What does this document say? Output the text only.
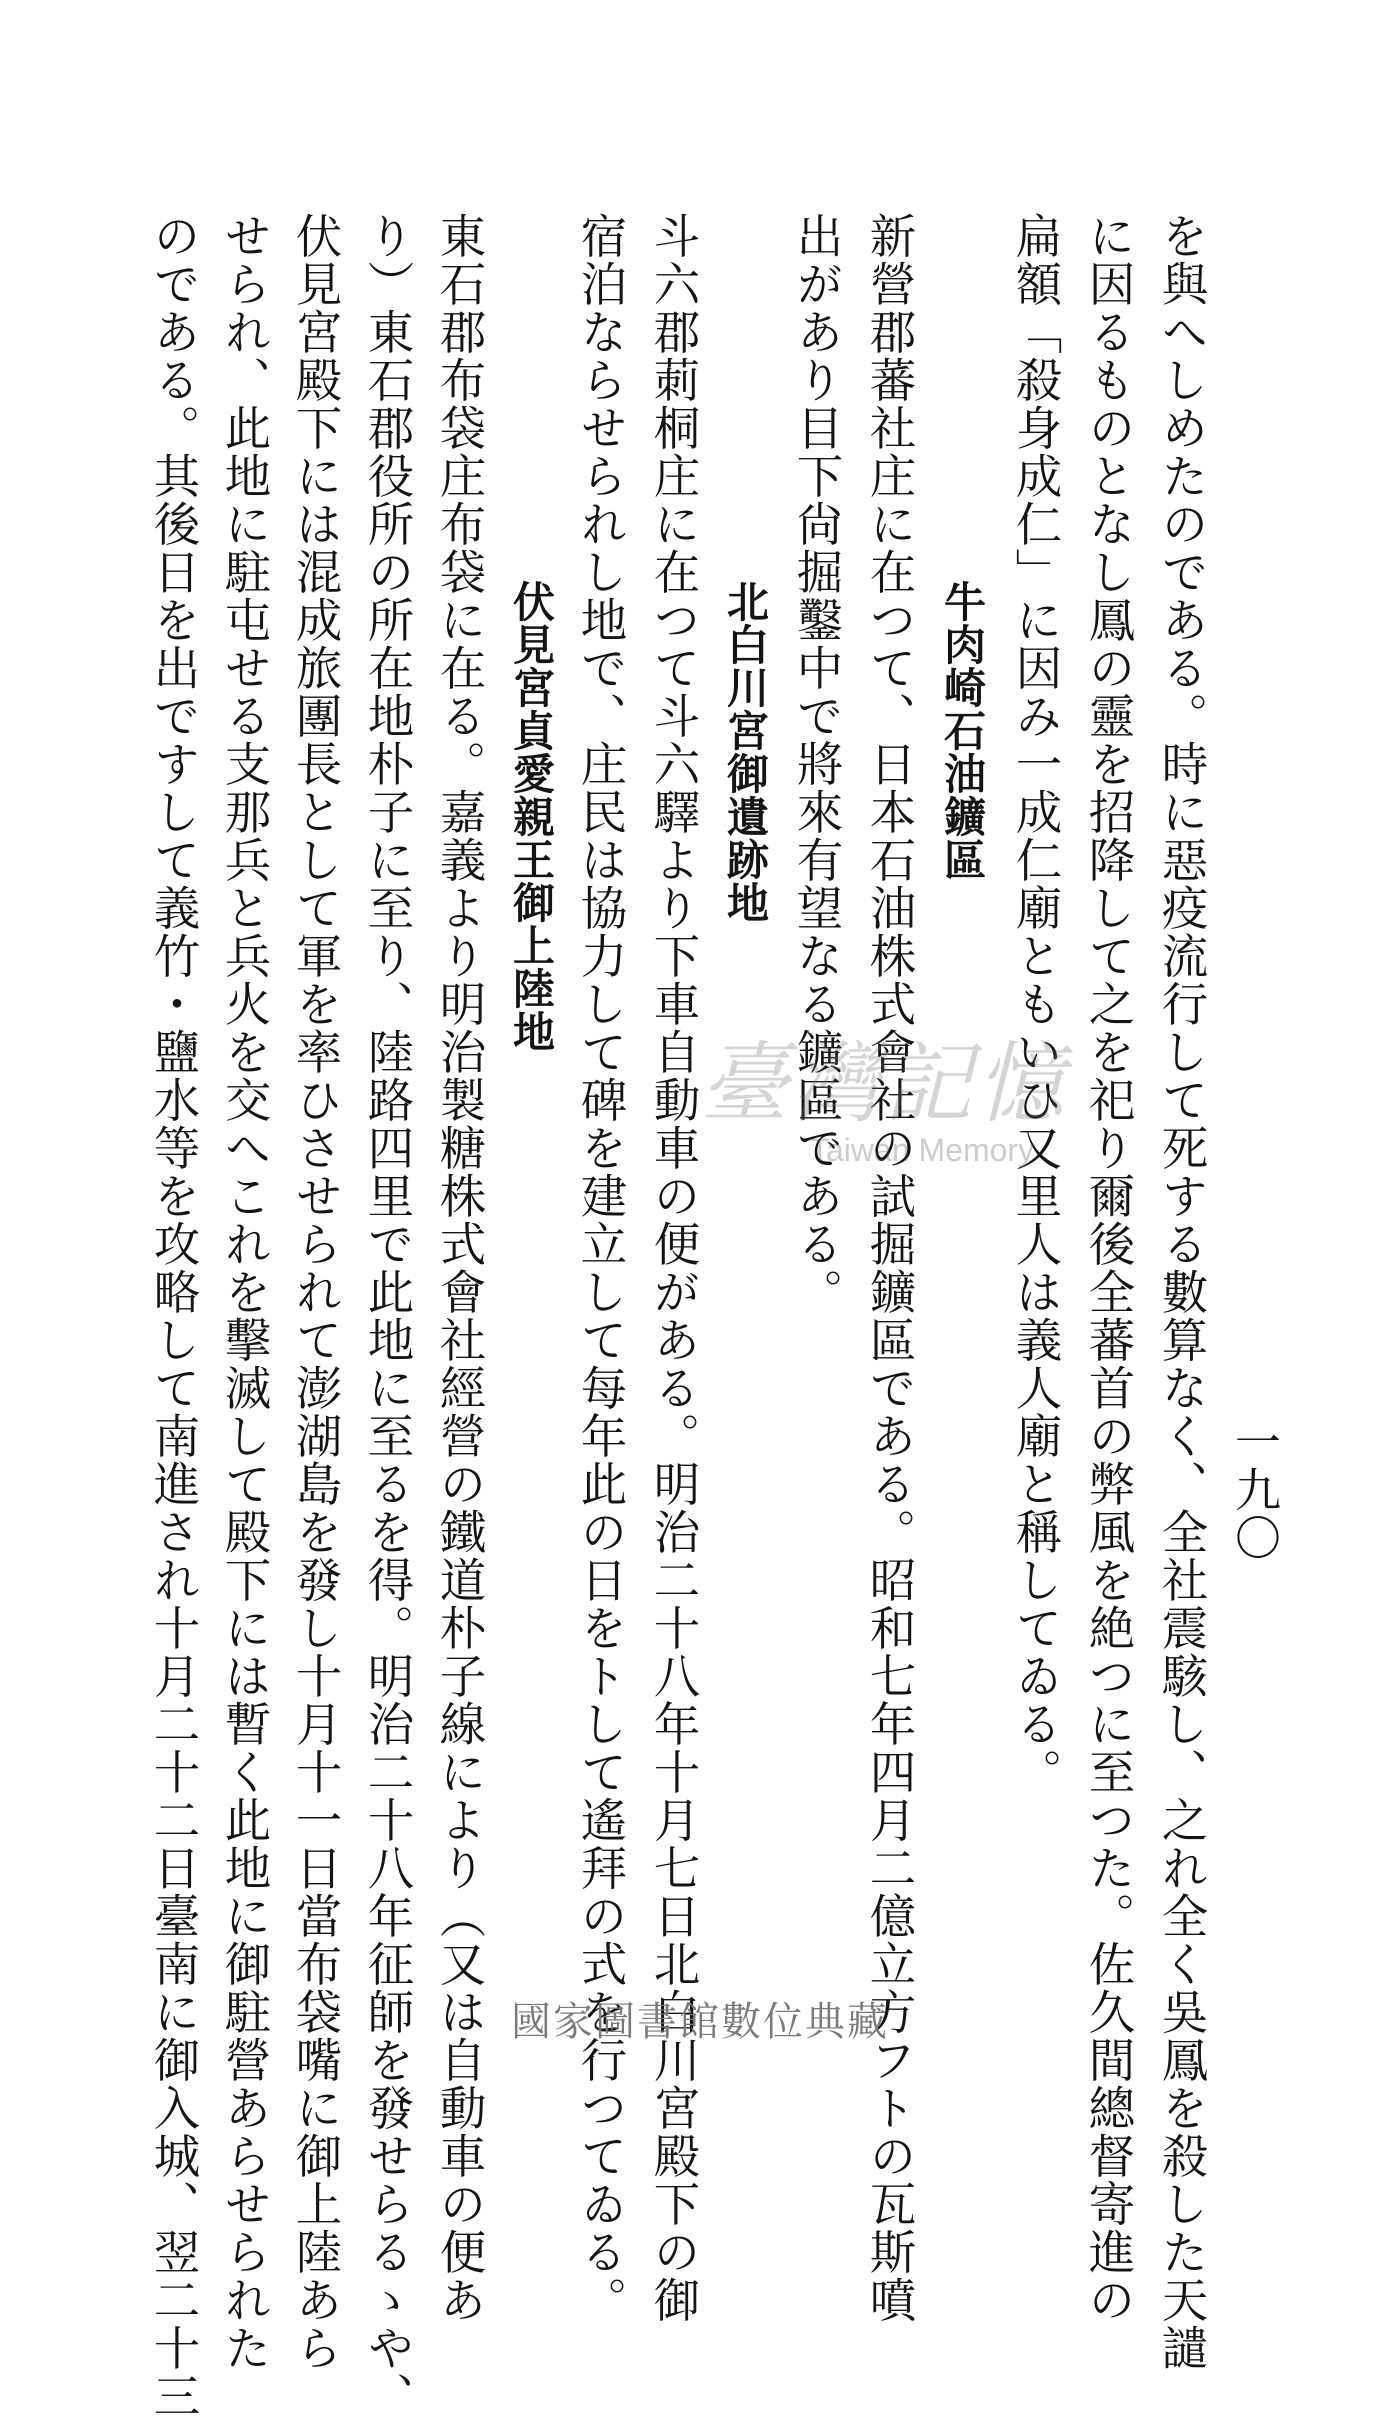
一九〇
を與へしめたのである。時に惡疫流行して死する數算なく、全社震駭し、之れ全く吳鳳を殺した天譴
に因るものとなし鳳の靈を招降して之を祀り爾後全蕃首の弊風を絶つに至つた。佐久間總督寄進の
扁額「殺身成仁」に因み一成仁廟ともいひ又里人は義人廟と稱してゐる。
牛肉崎石油鑛區
新營郡蕃社庄に在つて、日本石油株式會社の試掘鑛區である。昭和七年四月二億立方フトの瓦斯噴
出があり目下尙掘鑿中で將來有望なる鑛區である。
北白川宮御遺跡地
斗六郡莿桐庄に在つて斗六驛より下車自動車の便がある。明治二十八年十月七日北白川宮殿下の御
宿泊ならせられし地で、庄民は協力して碑を建立して每年此の日をトして遙拜の式を行つてゐる。
伏見宮貞愛親王御上陸地
東石郡布袋庄布袋に在る。嘉義より明治製糖株式會社經營の鐵道朴子線により（又は自動車の便あ
り）東石郡役所の所在地朴子に至り、陸路四里で此地に至るを得。明治二十八年征師を發せらるゝや、
伏見宮殿下には混成旅團長として軍を率ひさせられて澎湖島を發し十月十一日當布袋嘴に御上陸あら
せられ、此地に駐屯せる支那兵と兵火を交へこれを擊滅して殿下には暫く此地に御駐營あらせられた
のである。其後日を出ですして義竹・鹽水等を攻略して南進され十月二十二日臺南に御入城、翌二十三	臺灣記憶
Taiwan Memory
國家圖書館數位典藏
